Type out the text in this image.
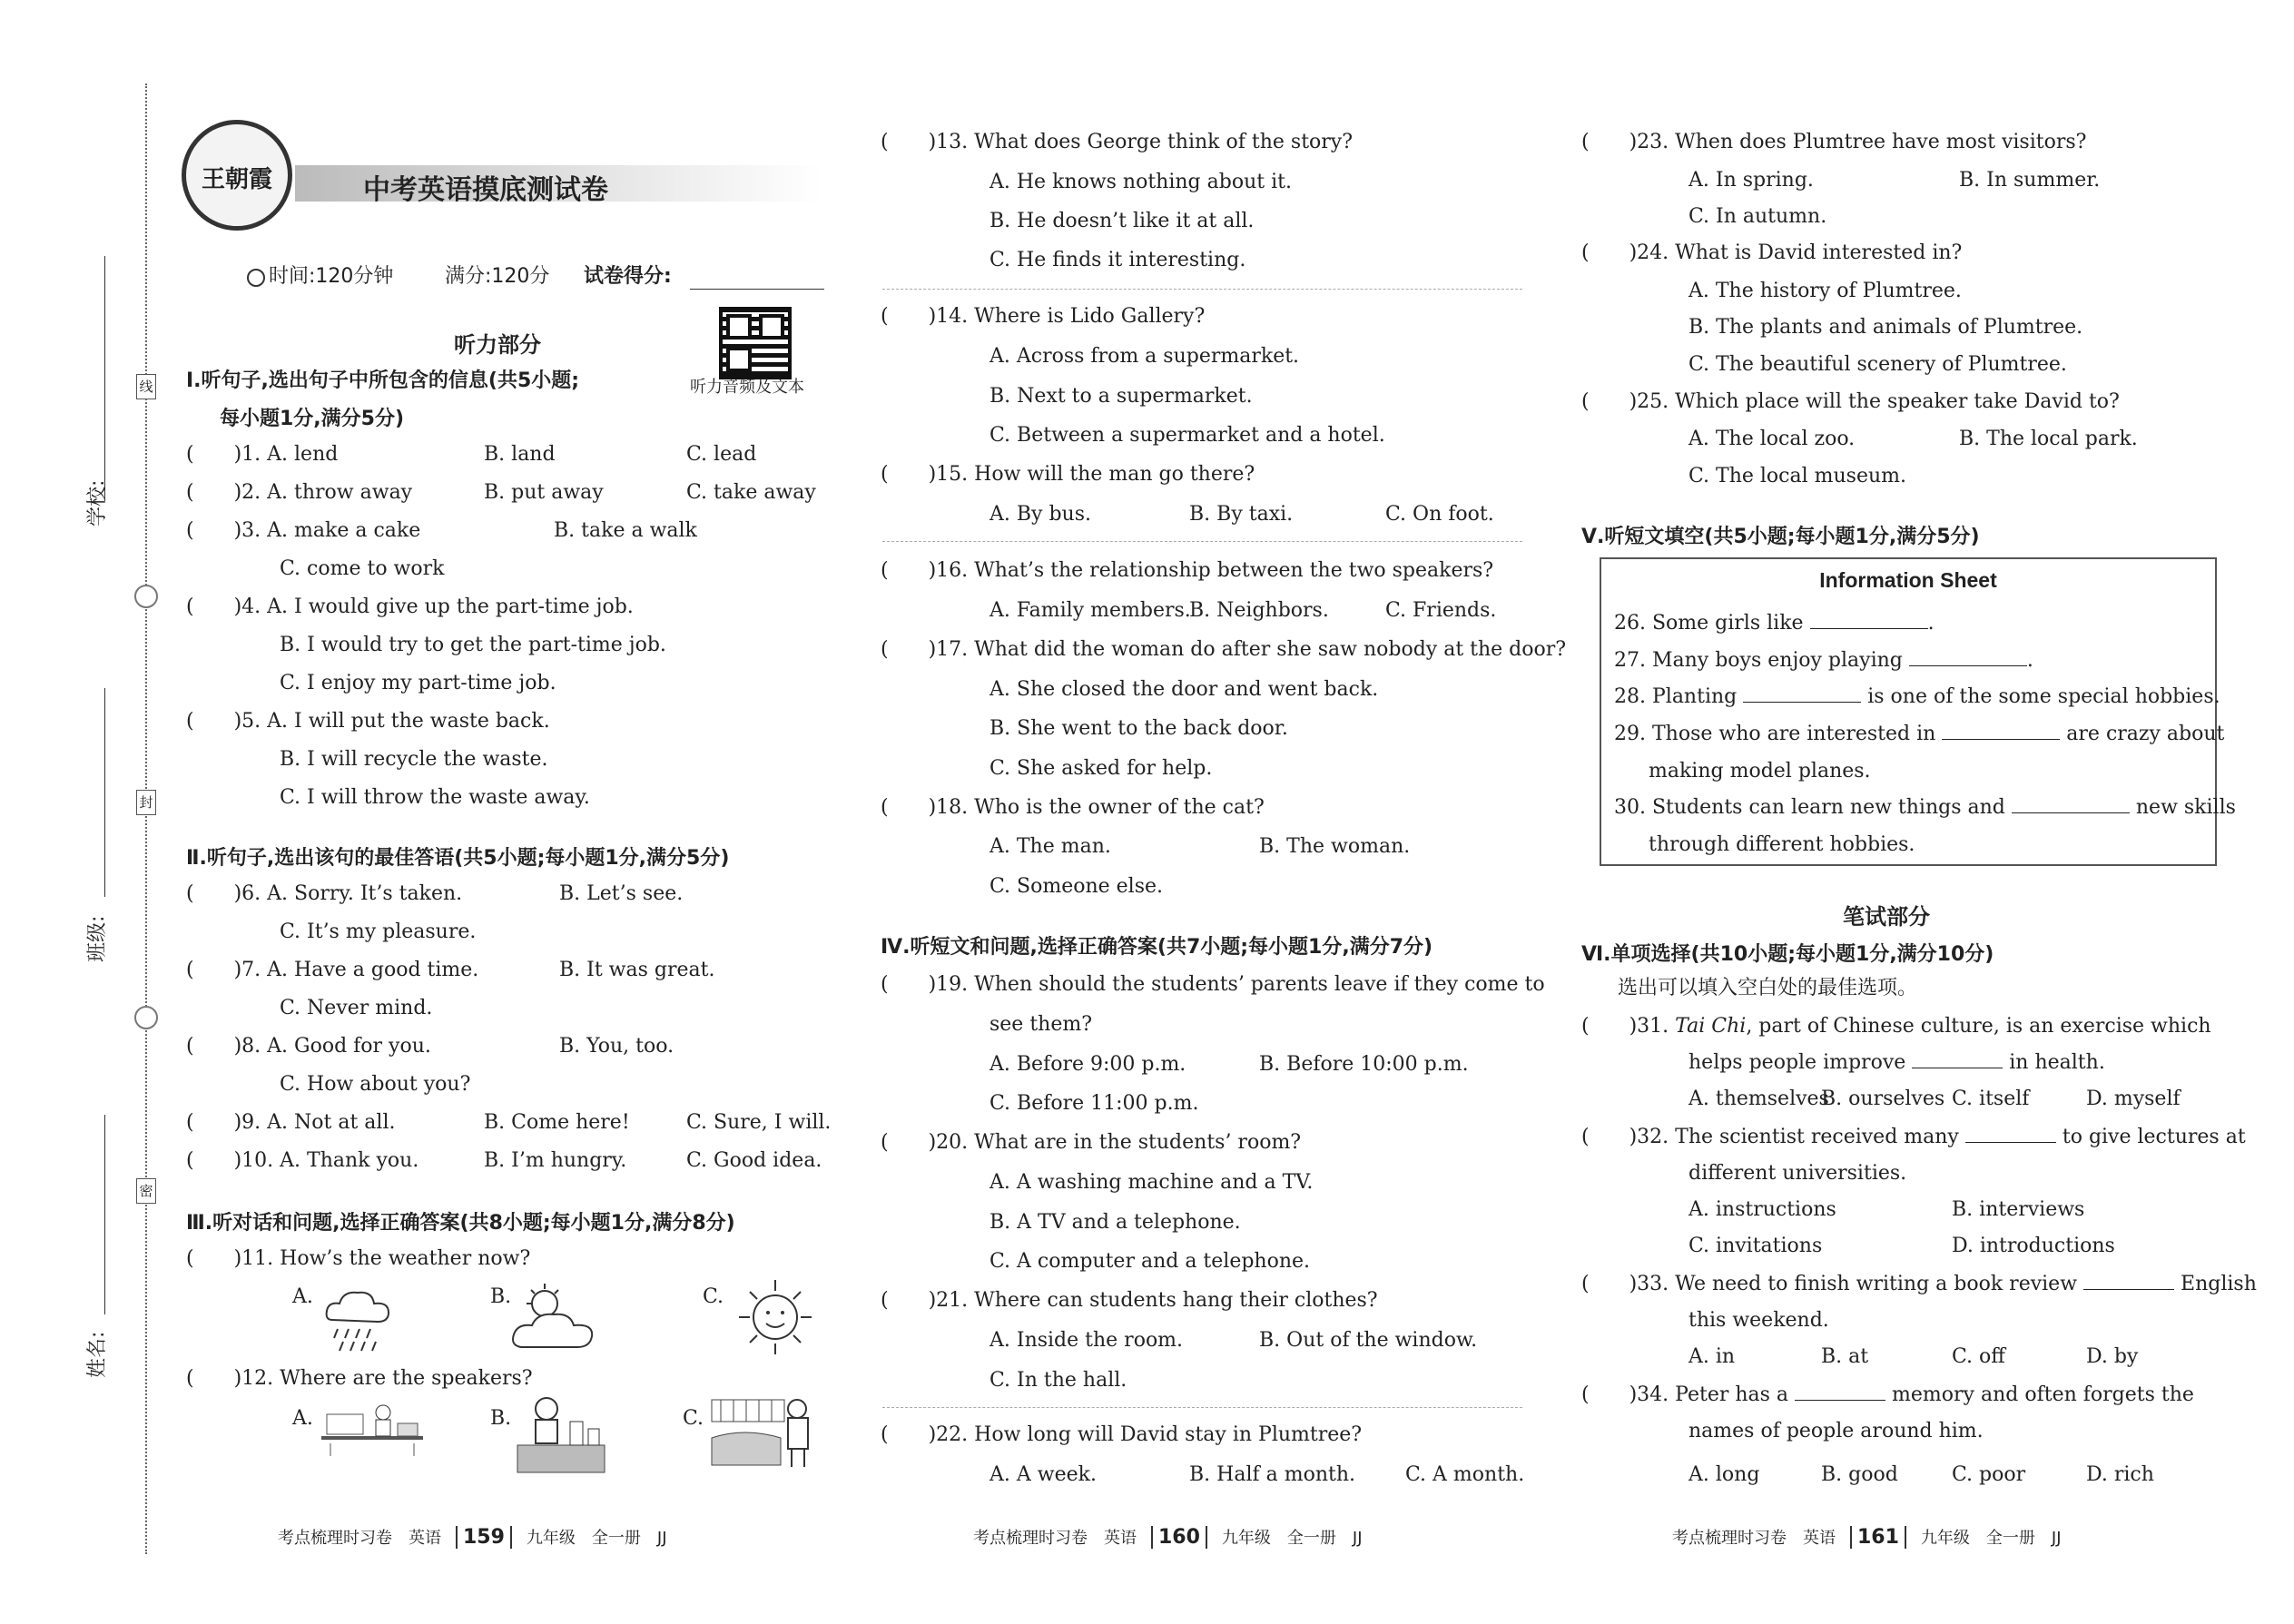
线
封
密
学校:
班级:
姓名:
王朝霞	中考英语摸底测试卷
时间:120分钟	满分:120分 试卷得分:
听力音频及文本
听力部分
Ⅰ.听句子,选出句子中所包含的信息(共5小题;
每小题1分,满分5分)
(　　)1. A. lend	B. land	C. lead
(　　)2. A. throw away	B. put away	C. take away
(　　)3. A. make a cake	B. take a walk
C. come to work
(　　)4. A. I would give up the part-time job.
B. I would try to get the part-time job.
C. I enjoy my part-time job.
(　　)5. A. I will put the waste back.
B. I will recycle the waste.
C. I will throw the waste away.
Ⅱ.听句子,选出该句的最佳答语(共5小题;每小题1分,满分5分)
(　　)6. A. Sorry. It’s taken.	B. Let’s see.
C. It’s my pleasure.
(　　)7. A. Have a good time.	B. It was great.
C. Never mind.
(　　)8. A. Good for you.	B. You, too.
C. How about you?
(　　)9. A. Not at all.	B. Come here!	C. Sure, I will.
(　　)10. A. Thank you.	B. I’m hungry.	C. Good idea.
Ⅲ.听对话和问题,选择正确答案(共8小题;每小题1分,满分8分)
(　　)11. How’s the weather now?
A.	B.	C.
(　　)12. Where are the speakers?
A.	B.	C.
(　　)13. What does George think of the story?
A. He knows nothing about it.
B. He doesn’t like it at all.
C. He finds it interesting.
(　　)14. Where is Lido Gallery?
A. Across from a supermarket.
B. Next to a supermarket.
C. Between a supermarket and a hotel.
(　　)15. How will the man go there?
A. By bus.	B. By taxi.	C. On foot.
(　　)16. What’s the relationship between the two speakers?
A. Family members.
B. Neighbors.	C. Friends.
(　　)17. What did the woman do after she saw nobody at the door?
A. She closed the door and went back.
B. She went to the back door.
C. She asked for help.
(　　)18. Who is the owner of the cat?
A. The man.	B. The woman.
C. Someone else.
Ⅳ.听短文和问题,选择正确答案(共7小题;每小题1分,满分7分)
(　　)19. When should the students’ parents leave if they come to
see them?
A. Before 9:00 p.m.	B. Before 10:00 p.m.
C. Before 11:00 p.m.
(　　)20. What are in the students’ room?
A. A washing machine and a TV.
B. A TV and a telephone.
C. A computer and a telephone.
(　　)21. Where can students hang their clothes?
A. Inside the room.	B. Out of the window.
C. In the hall.
(　　)22. How long will David stay in Plumtree?
A. A week.	B. Half a month. C. A month.
(　　)23. When does Plumtree have most visitors?
A. In spring.	B. In summer.
C. In autumn.
(　　)24. What is David interested in?
A. The history of Plumtree.
B. The plants and animals of Plumtree.
C. The beautiful scenery of Plumtree.
(　　)25. Which place will the speaker take David to?
A. The local zoo.	B. The local park.
C. The local museum.
Ⅴ.听短文填空(共5小题;每小题1分,满分5分)
Information Sheet
26. Some girls like	.
27. Many boys enjoy playing	.
28. Planting	is one of the some special hobbies.
29. Those who are interested in	are crazy about
making model planes.
30. Students can learn new things and	new skills
through different hobbies.
笔试部分
Ⅵ.单项选择(共10小题;每小题1分,满分10分)
选出可以填入空白处的最佳选项。
(　　)31. Tai Chi, part of Chinese culture, is an exercise which
helps people improve	in health.
A. themselves
B. ourselves C. itself	D. myself
(　　)32. The scientist received many	to give lectures at
different universities.
A. instructions	B. interviews
C. invitations	D. introductions
(　　)33. We need to finish writing a book review	English
this weekend.
A. in	B. at	C. off	D. by
(　　)34. Peter has a	memory and often forgets the
names of people around him.
A. long	B. good	C. poor	D. rich
考点梳理时习卷　英语 159 九年级　全一册　JJ	考点梳理时习卷　英语 160 九年级　全一册　JJ	考点梳理时习卷　英语 161 九年级　全一册　JJ
